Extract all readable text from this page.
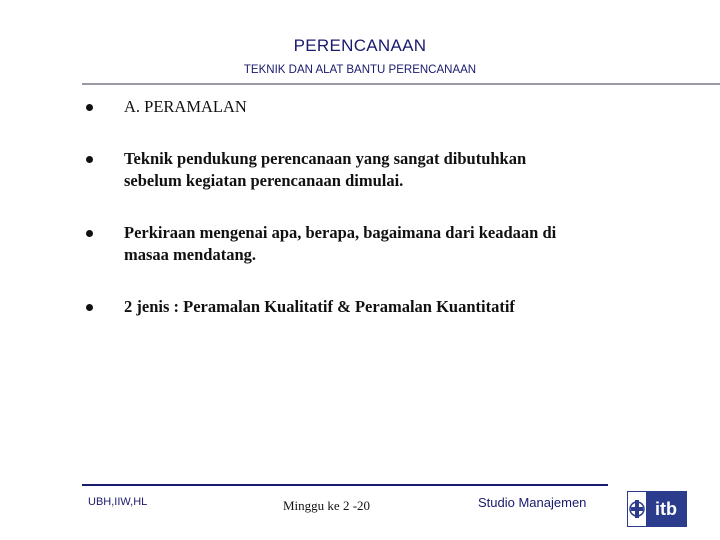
PERENCANAAN
TEKNIK DAN ALAT BANTU PERENCANAAN
A. PERAMALAN
Teknik pendukung perencanaan yang sangat dibutuhkan
sebelum kegiatan perencanaan dimulai.
Perkiraan mengenai apa, berapa, bagaimana dari keadaan di
masaa mendatang.
2 jenis : Peramalan Kualitatif & Peramalan Kuantitatif
UBH,IIW,HL	Minggu ke 2 -20	Studio Manajemen	itb
